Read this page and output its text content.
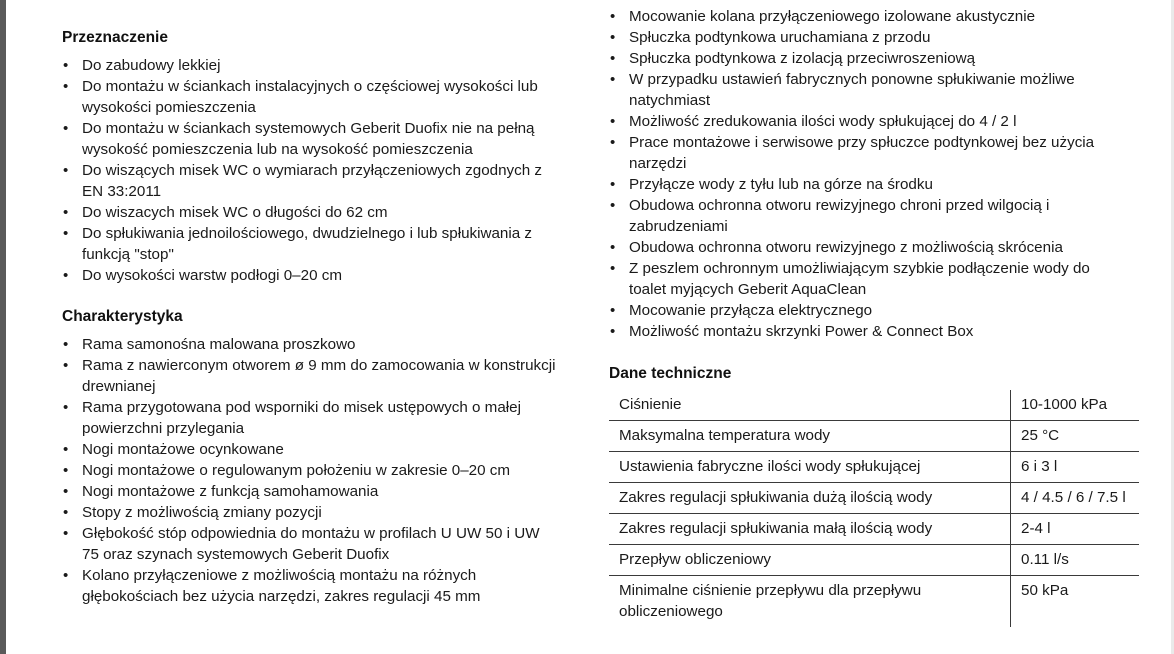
Przeznaczenie
• Do zabudowy lekkiej
• Do montażu w ściankach instalacyjnych o częściowej wysokości lub
wysokości pomieszczenia
• Do montażu w ściankach systemowych Geberit Duofix nie na pełną
wysokość pomieszczenia lub na wysokość pomieszczenia
• Do wiszących misek WC o wymiarach przyłączeniowych zgodnych z
EN 33:2011
• Do wiszacych misek WC o długości do 62 cm
• Do spłukiwania jednoilościowego, dwudzielnego i lub spłukiwania z
funkcją "stop"
• Do wysokości warstw podłogi 0–20 cm
Charakterystyka
• Rama samonośna malowana proszkowo
• Rama z nawierconym otworem ø 9 mm do zamocowania w konstrukcji
drewnianej
• Rama przygotowana pod wsporniki do misek ustępowych o małej
powierzchni przylegania
• Nogi montażowe ocynkowane
• Nogi montażowe o regulowanym położeniu w zakresie 0–20 cm
• Nogi montażowe z funkcją samohamowania
• Stopy z możliwością zmiany pozycji
• Głębokość stóp odpowiednia do montażu w profilach U UW 50 i UW
75 oraz szynach systemowych Geberit Duofix
• Kolano przyłączeniowe z możliwością montażu na różnych
głębokościach bez użycia narzędzi, zakres regulacji 45 mm
• Mocowanie kolana przyłączeniowego izolowane akustycznie
• Spłuczka podtynkowa uruchamiana z przodu
• Spłuczka podtynkowa z izolacją przeciwroszeniową
• W przypadku ustawień fabrycznych ponowne spłukiwanie możliwe
natychmiast
• Możliwość zredukowania ilości wody spłukującej do 4 / 2 l
• Prace montażowe i serwisowe przy spłuczce podtynkowej bez użycia
narzędzi
• Przyłącze wody z tyłu lub na górze na środku
• Obudowa ochronna otworu rewizyjnego chroni przed wilgocią i
zabrudzeniami
• Obudowa ochronna otworu rewizyjnego z możliwością skrócenia
• Z peszlem ochronnym umożliwiającym szybkie podłączenie wody do
toalet myjących Geberit AquaClean
• Mocowanie przyłącza elektrycznego
• Możliwość montażu skrzynki Power & Connect Box
Dane techniczne
Ciśnienie	10-1000 kPa
Maksymalna temperatura wody	25 °C
Ustawienia fabryczne ilości wody spłukującej	6 i 3 l
Zakres regulacji spłukiwania dużą ilością wody	4 / 4.5 / 6 / 7.5 l
Zakres regulacji spłukiwania małą ilością wody	2-4 l
Przepływ obliczeniowy	0.11 l/s
Minimalne ciśnienie przepływu dla przepływu
obliczeniowego	50 kPa
